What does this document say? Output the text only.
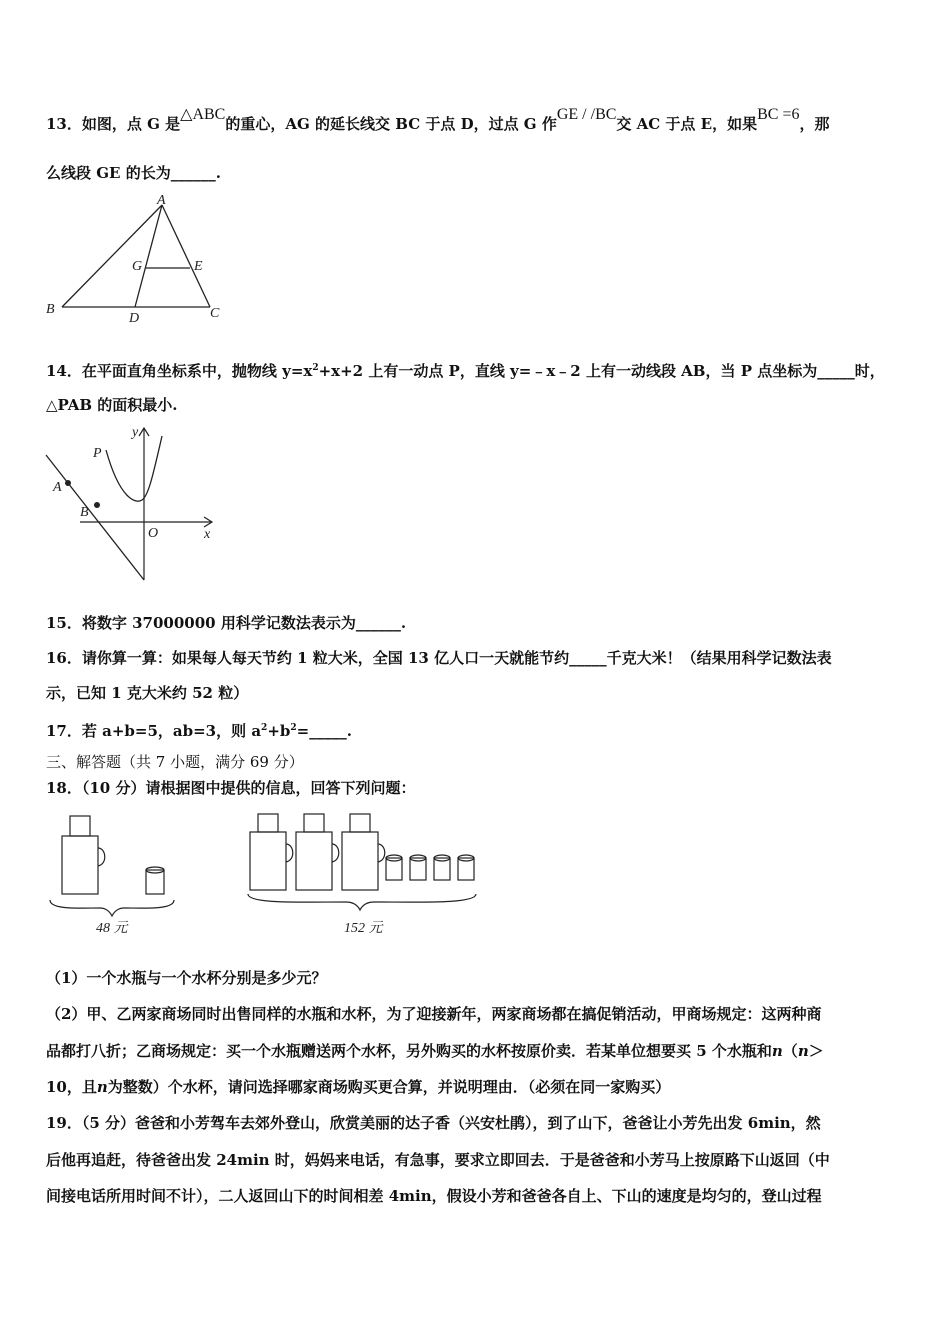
13．如图，点 G 是△ABC的重心，AG 的延长线交 BC 于点 D，过点 G 作GE / /BC交 AC 于点 E，如果BC =6，那
么线段 GE 的长为______.
A
B	C
D
E
G
14．在平面直角坐标系中，抛物线 $y=x^2+x+2$ 上有一动点 P，直线 y=﹣x﹣2 上有一动线段 AB，当 P 点坐标为_____时，
△PAB 的面积最小.
y
x
P
A
B
O
15．将数字 37000000 用科学记数法表示为______.
16．请你算一算：如果每人每天节约 1 粒大米，全国 13 亿人口一天就能节约_____千克大米！（结果用科学记数法表
示，已知 1 克大米约 52 粒）
17．若 a+b=5，ab=3，则 $a^2+b^2=\_\_\_\_\_$.
三、解答题（共 7 小题，满分 69 分）
18．（10 分）请根据图中提供的信息，回答下列问题：
48 元	152 元
（1）一个水瓶与一个水杯分别是多少元？
（2）甲、乙两家商场同时出售同样的水瓶和水杯，为了迎接新年，两家商场都在搞促销活动，甲商场规定：这两种商
品都打八折；乙商场规定：买一个水瓶赠送两个水杯，另外购买的水杯按原价卖．若某单位想要买 5 个水瓶和n（n＞
10，且n为整数）个水杯，请问选择哪家商场购买更合算，并说明理由．（必须在同一家购买）
19．（5 分）爸爸和小芳驾车去郊外登山，欣赏美丽的达子香（兴安杜鹃），到了山下，爸爸让小芳先出发 6min，然
后他再追赶，待爸爸出发 24min 时，妈妈来电话，有急事，要求立即回去．于是爸爸和小芳马上按原路下山返回（中
间接电话所用时间不计），二人返回山下的时间相差 4min，假设小芳和爸爸各自上、下山的速度是均匀的，登山过程
